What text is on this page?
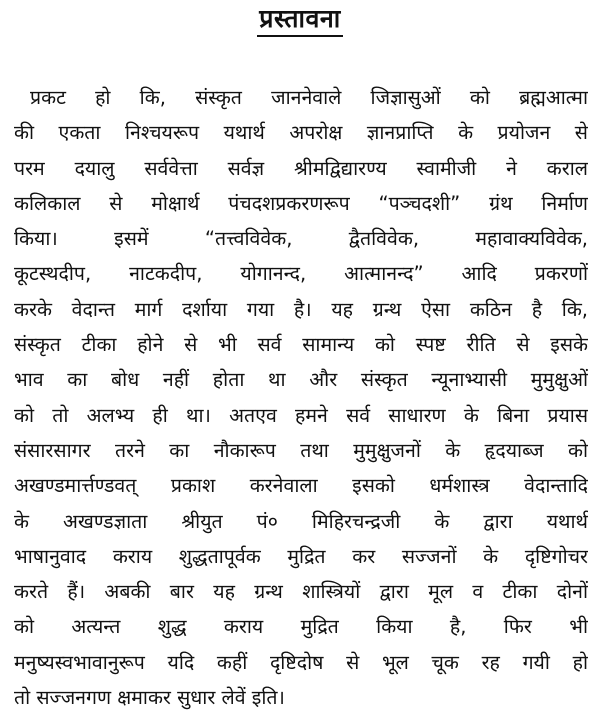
प्रस्तावना
प्रकट हो कि, संस्कृत जाननेवाले जिज्ञासुओं को ब्रह्मआत्मा
की एकता निश्चयरूप यथार्थ अपरोक्ष ज्ञानप्राप्ति के प्रयोजन से
परम दयालु सर्ववेत्ता सर्वज्ञ श्रीमद्विद्यारण्य स्वामीजी ने कराल
कलिकाल से मोक्षार्थ पंचदशप्रकरणरूप “पञ्चदशी” ग्रंथ निर्माण
किया। इसमें “तत्त्वविवेक, द्वैतविवेक, महावाक्यविवेक,
कूटस्थदीप, नाटकदीप, योगानन्द, आत्मानन्द” आदि प्रकरणों
करके वेदान्त मार्ग दर्शाया गया है। यह ग्रन्थ ऐसा कठिन है कि,
संस्कृत टीका होने से भी सर्व सामान्य को स्पष्ट रीति से इसके
भाव का बोध नहीं होता था और संस्कृत न्यूनाभ्यासी मुमुक्षुओं
को तो अलभ्य ही था। अतएव हमने सर्व साधारण के बिना प्रयास
संसारसागर तरने का नौकारूप तथा मुमुक्षुजनों के हृदयाब्ज को
अखण्डमार्त्तण्डवत् प्रकाश करनेवाला इसको धर्मशास्त्र वेदान्तादि
के अखण्डज्ञाता श्रीयुत पं० मिहिरचन्द्रजी के द्वारा यथार्थ
भाषानुवाद कराय शुद्धतापूर्वक मुद्रित कर सज्जनों के दृष्टिगोचर
करते हैं। अबकी बार यह ग्रन्थ शास्त्रियों द्वारा मूल व टीका दोनों
को अत्यन्त शुद्ध कराय मुद्रित किया है, फिर भी
मनुष्यस्वभावानुरूप यदि कहीं दृष्टिदोष से भूल चूक रह गयी हो
तो सज्जनगण क्षमाकर सुधार लेवें इति।
